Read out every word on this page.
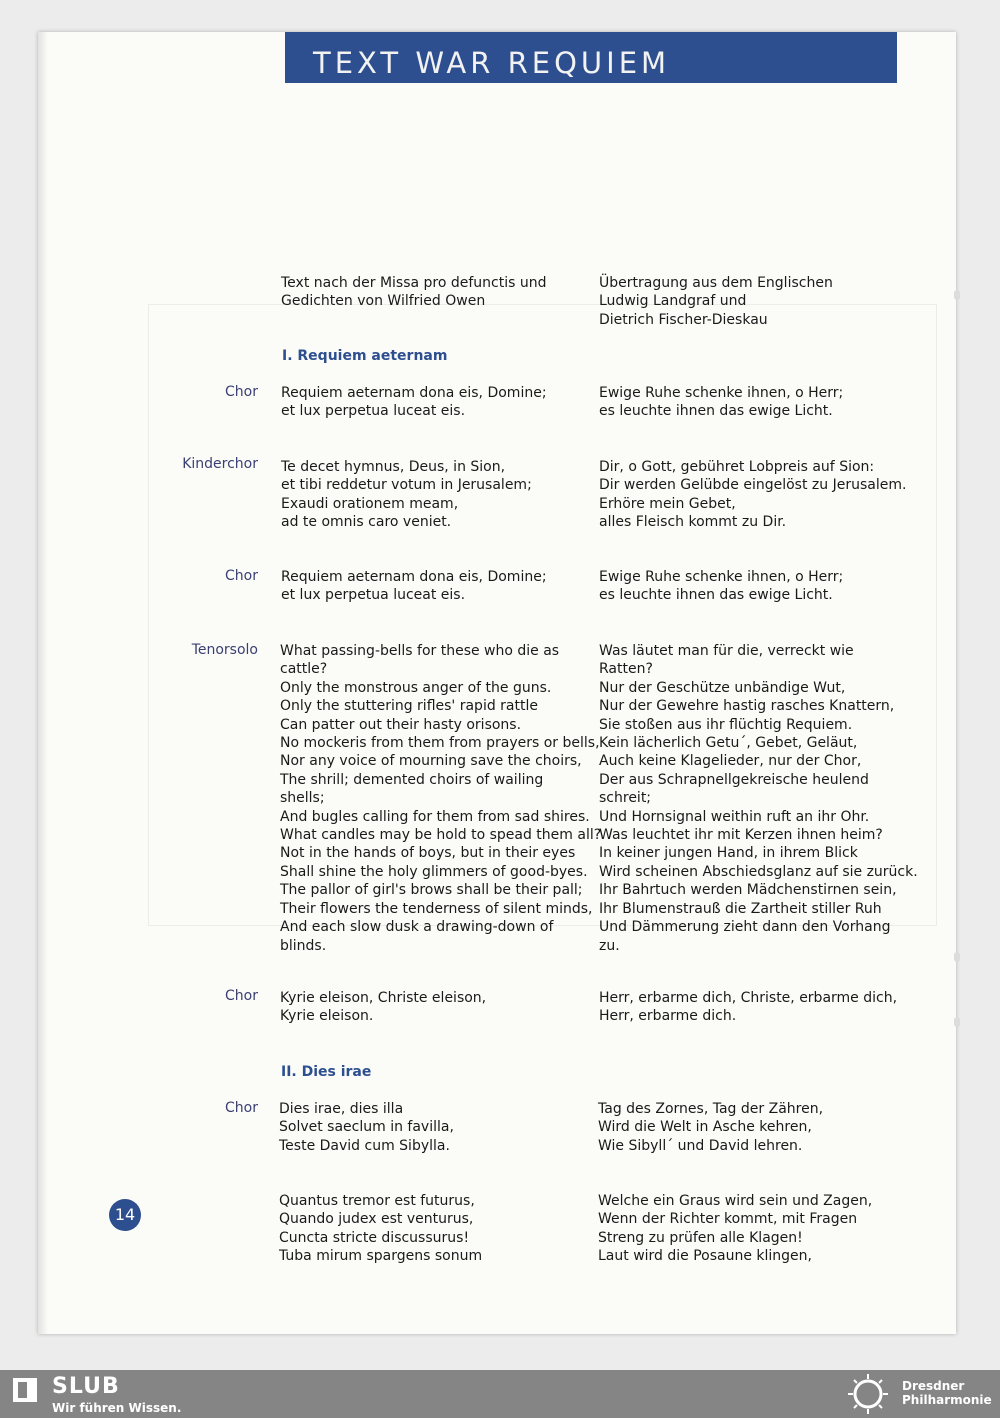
TEXT WAR REQUIEM
Text nach der Missa pro defunctis und
Gedichten von Wilfried Owen
Übertragung aus dem Englischen
Ludwig Landgraf und
Dietrich Fischer-Dieskau
I. Requiem aeternam
Chor Requiem aeternam dona eis, Domine;
et lux perpetua luceat eis.
Ewige Ruhe schenke ihnen, o Herr;
es leuchte ihnen das ewige Licht.
Kinderchor Te decet hymnus, Deus, in Sion,
et tibi reddetur votum in Jerusalem;
Exaudi orationem meam,
ad te omnis caro veniet.
Dir, o Gott, gebühret Lobpreis auf Sion:
Dir werden Gelübde eingelöst zu Jerusalem.
Erhöre mein Gebet,
alles Fleisch kommt zu Dir.
Chor Requiem aeternam dona eis, Domine;
et lux perpetua luceat eis.
Ewige Ruhe schenke ihnen, o Herr;
es leuchte ihnen das ewige Licht.
Tenorsolo What passing-bells for these who die as
cattle?
Only the monstrous anger of the guns.
Only the stuttering rifles' rapid rattle
Can patter out their hasty orisons.
No mockeris from them from prayers or bells,
Nor any voice of mourning save the choirs,
The shrill; demented choirs of wailing
shells;
And bugles calling for them from sad shires.
What candles may be hold to spead them all?
Not in the hands of boys, but in their eyes
Shall shine the holy glimmers of good-byes.
The pallor of girl's brows shall be their pall;
Their flowers the tenderness of silent minds,
And each slow dusk a drawing-down of
blinds.
Was läutet man für die, verreckt wie
Ratten?
Nur der Geschütze unbändige Wut,
Nur der Gewehre hastig rasches Knattern,
Sie stoßen aus ihr flüchtig Requiem.
Kein lächerlich Getu´, Gebet, Geläut,
Auch keine Klagelieder, nur der Chor,
Der aus Schrapnellgekreische heulend
schreit;
Und Hornsignal weithin ruft an ihr Ohr.
Was leuchtet ihr mit Kerzen ihnen heim?
In keiner jungen Hand, in ihrem Blick
Wird scheinen Abschiedsglanz auf sie zurück.
Ihr Bahrtuch werden Mädchenstirnen sein,
Ihr Blumenstrauß die Zartheit stiller Ruh
Und Dämmerung zieht dann den Vorhang
zu.
Chor Kyrie eleison, Christe eleison,
Kyrie eleison.
Herr, erbarme dich, Christe, erbarme dich,
Herr, erbarme dich.
II. Dies irae
Chor Dies irae, dies illa
Solvet saeclum in favilla,
Teste David cum Sibylla.
Tag des Zornes, Tag der Zähren,
Wird die Welt in Asche kehren,
Wie Sibyll´ und David lehren.
Quantus tremor est futurus,
Quando judex est venturus,
Cuncta stricte discussurus!
Tuba mirum spargens sonum
Welche ein Graus wird sein und Zagen,
Wenn der Richter kommt, mit Fragen
Streng zu prüfen alle Klagen!
Laut wird die Posaune klingen,
14
SLUB
Wir führen Wissen.
Dresdner
Philharmonie
